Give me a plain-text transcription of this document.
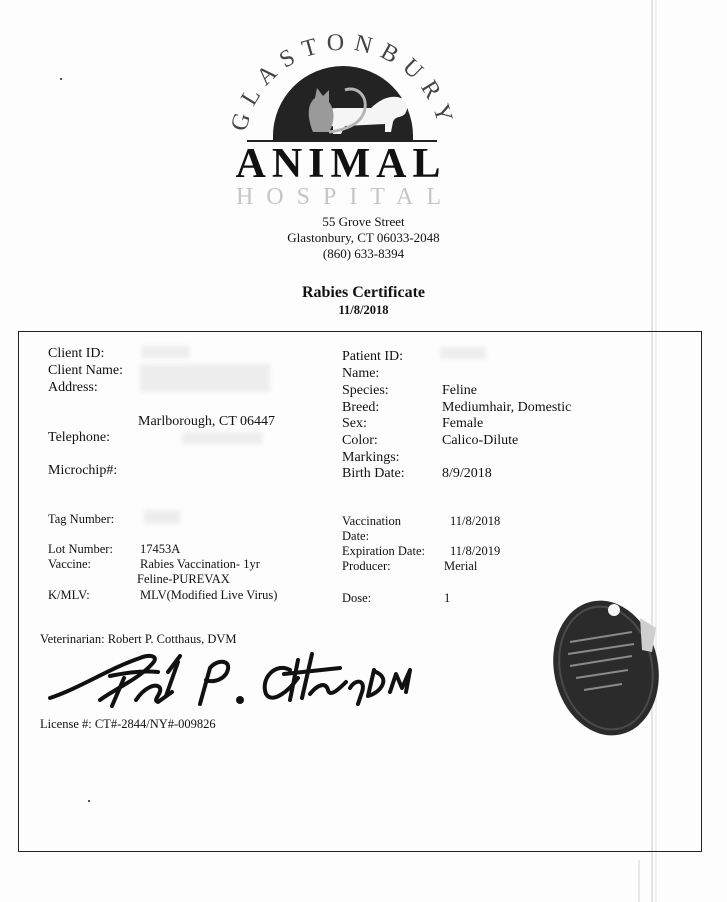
GLASTONBURY
ANIMAL
HOSPITAL
55 Grove Street
Glastonbury, CT 06033-2048
(860) 633-8394
Rabies Certificate
11/8/2018
Client ID:
Client Name:
Address:
Marlborough, CT 06447
Telephone:
Microchip#:
Patient ID:
Name:
Species:	Feline
Breed:	Mediumhair, Domestic
Sex:	Female
Color:	Calico-Dilute
Markings:
Birth Date:	8/9/2018
Tag Number:
Lot Number: 17453A
Vaccine:	Rabies Vaccination- 1yr
Feline-PUREVAX
K/MLV:	MLV(Modified Live Virus)
Vaccination
Date:
11/8/2018
Expiration Date: 11/8/2019
Producer:	Merial
Dose:	1
Veterinarian: Robert P. Cotthaus, DVM
License #: CT#-2844/NY#-009826
